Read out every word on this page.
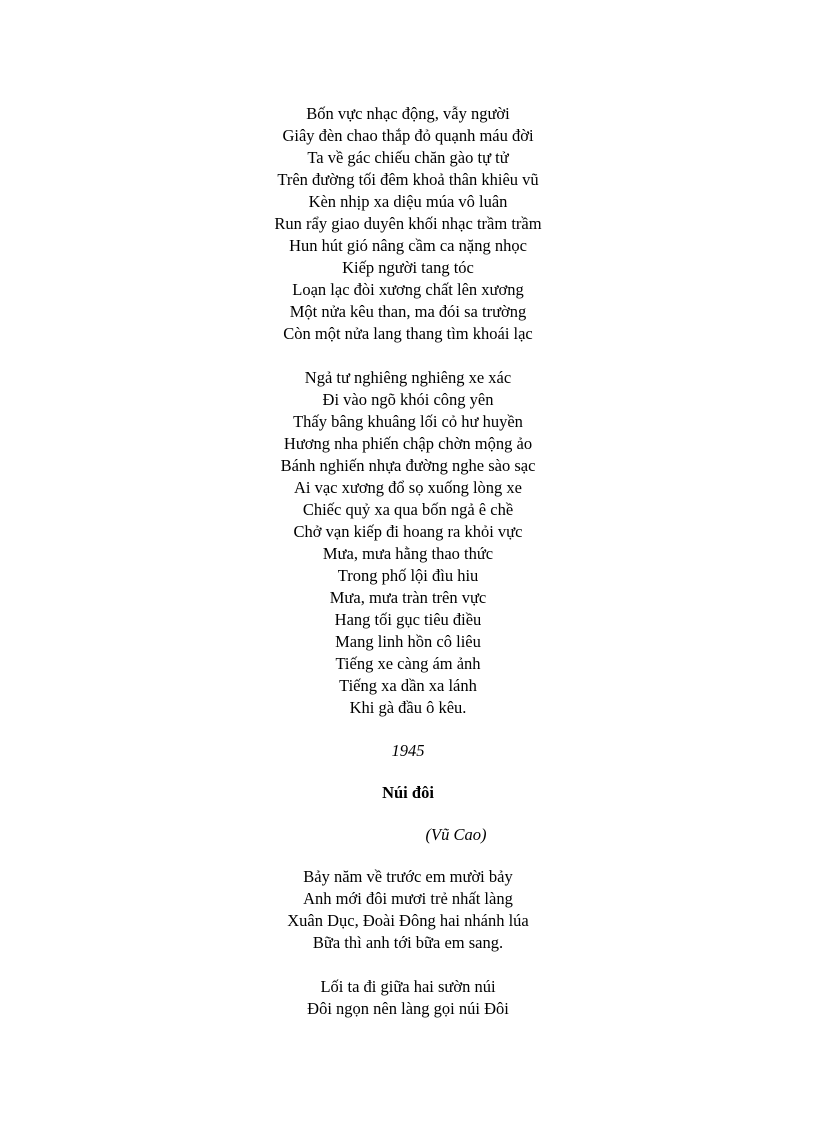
Bốn vực nhạc động, vẫy người
Giây đèn chao thắp đỏ quạnh máu đời
Ta về gác chiếu chăn gào tự tử
Trên đường tối đêm khoả thân khiêu vũ
Kèn nhịp xa diệu múa vô luân
Run rẩy giao duyên khối nhạc trầm trầm
Hun hút gió nâng cầm ca nặng nhọc
Kiếp người tang tóc
Loạn lạc đòi xương chất lên xương
Một nửa kêu than, ma đói sa trường
Còn một nửa lang thang tìm khoái lạc
Ngả tư nghiêng nghiêng xe xác
Đi vào ngõ khói công yên
Thấy bâng khuâng lối cỏ hư huyền
Hương nha phiến chập chờn mộng ảo
Bánh nghiến nhựa đường nghe sào sạc
Ai vạc xương đổ sọ xuống lòng xe
Chiếc quỷ xa qua bốn ngả ê chề
Chở vạn kiếp đi hoang ra khỏi vực
Mưa, mưa hằng thao thức
Trong phố lội đìu hiu
Mưa, mưa tràn trên vực
Hang tối gục tiêu điều
Mang linh hồn cô liêu
Tiếng xe càng ám ảnh
Tiếng xa dần xa lánh
Khi gà đầu ô kêu.
1945
Núi đôi
(Vũ Cao)
Bảy năm về trước em mười bảy
Anh mới đôi mươi trẻ nhất làng
Xuân Dục, Đoài Đông hai nhánh lúa
Bữa thì anh tới bữa em sang.
Lối ta đi giữa hai sườn núi
Đôi ngọn nên làng gọi núi Đôi
